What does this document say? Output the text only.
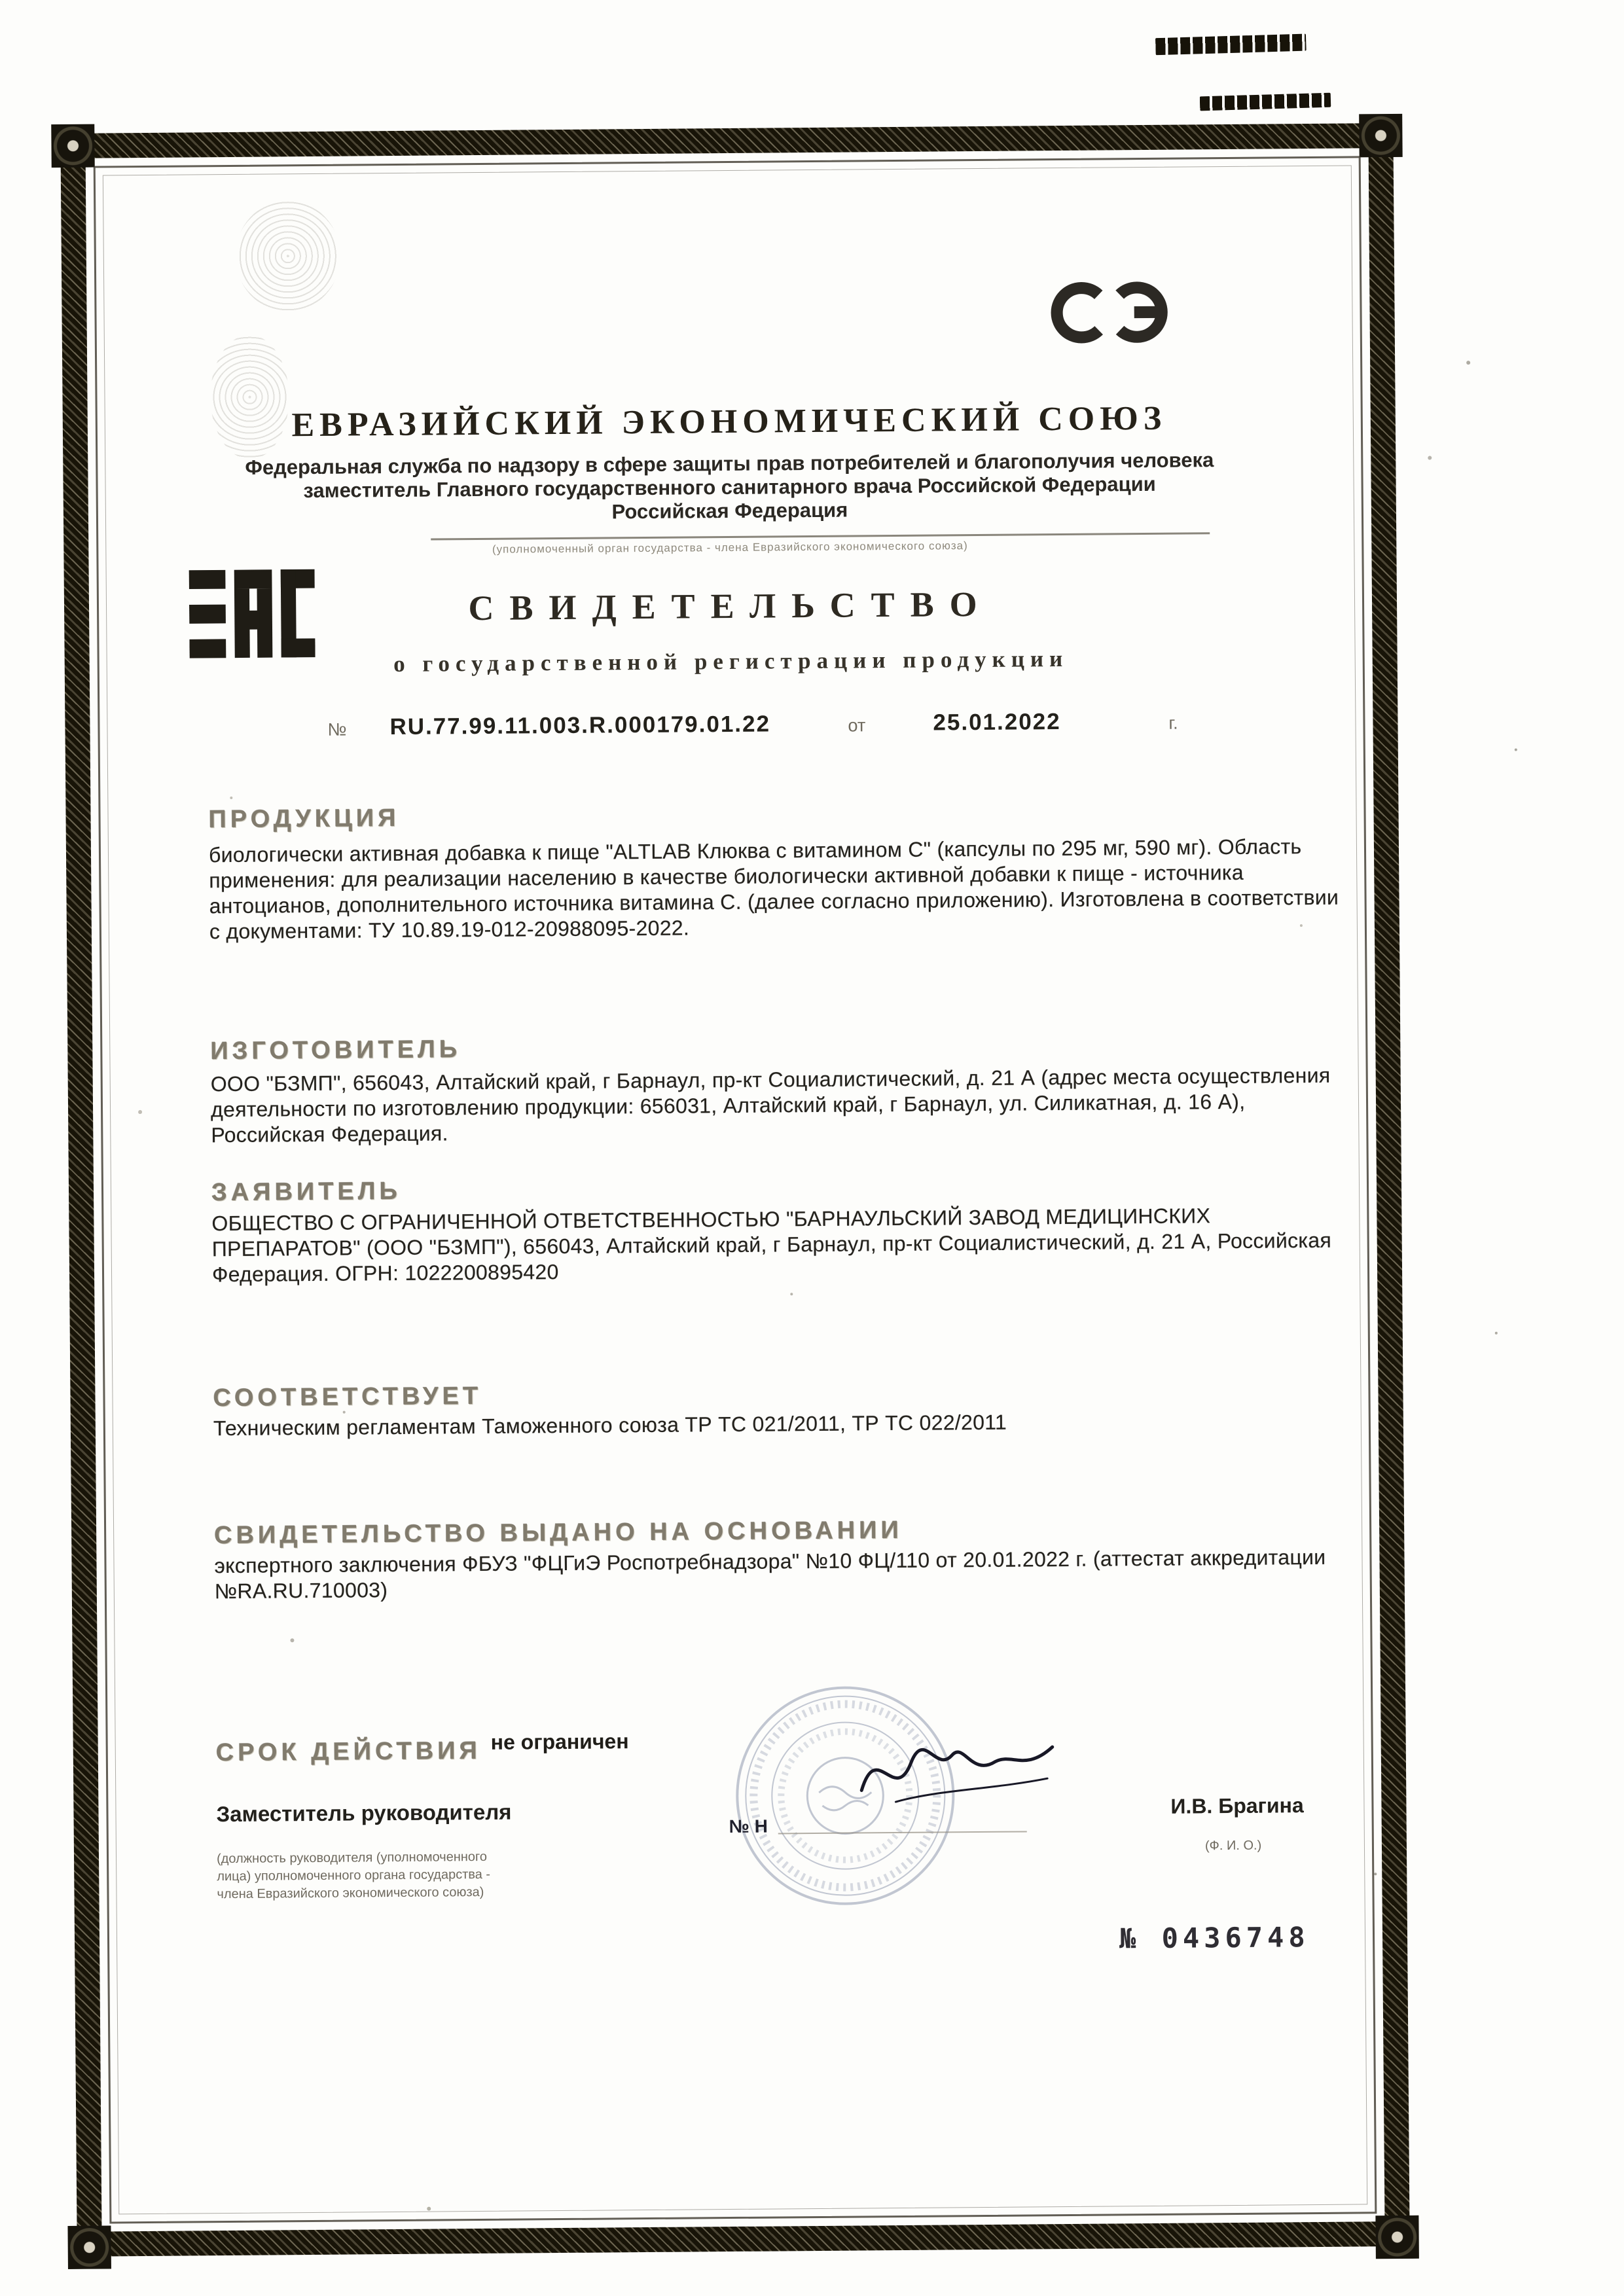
ЕВРАЗИЙСКИЙ ЭКОНОМИЧЕСКИЙ СОЮЗ
Федеральная служба по надзору в сфере защиты прав потребителей и благополучия человека
заместитель Главного государственного санитарного врача Российской Федерации
Российская Федерация
(уполномоченный орган государства - члена Евразийского экономического союза)
СВИДЕТЕЛЬСТВО
о государственной регистрации продукции
№ RU.77.99.11.003.R.000179.01.22	от	25.01.2022	г.
ПРОДУКЦИЯ
биологически активная добавка к пище "ALTLAB Клюква с витамином С" (капсулы по 295 мг, 590 мг). Область применения: для реализации населению в качестве биологически активной добавки к пище - источника антоцианов, дополнительного источника витамина С. (далее согласно приложению). Изготовлена в соответствии с документами: ТУ 10.89.19-012-20988095-2022.
ИЗГОТОВИТЕЛЬ
ООО "БЗМП", 656043, Алтайский край, г Барнаул, пр-кт Социалистический, д. 21 А (адрес места осуществления деятельности по изготовлению продукции: 656031, Алтайский край, г Барнаул, ул. Силикатная, д. 16 А), Российская Федерация.
ЗАЯВИТЕЛЬ
ОБЩЕСТВО С ОГРАНИЧЕННОЙ ОТВЕТСТВЕННОСТЬЮ "БАРНАУЛЬСКИЙ ЗАВОД МЕДИЦИНСКИХ ПРЕПАРАТОВ" (ООО "БЗМП"), 656043, Алтайский край, г Барнаул, пр-кт Социалистический, д. 21 А, Российская Федерация. ОГРН: 1022200895420
СООТВЕТСТВУЕТ
Техническим регламентам Таможенного союза ТР ТС 021/2011, ТР ТС 022/2011
СВИДЕТЕЛЬСТВО ВЫДАНО НА ОСНОВАНИИ
экспертного заключения ФБУЗ "ФЦГиЭ Роспотребнадзора" №10 ФЦ/110 от 20.01.2022 г. (аттестат аккредитации №RA.RU.710003)
СРОК ДЕЙСТВИЯ не ограничен
№ Н
Заместитель руководителя	И.В. Брагина
(должность руководителя (уполномоченного лица) уполномоченного органа государства - члена Евразийского экономического союза)
(Ф. И. О.)
№ 0436748
